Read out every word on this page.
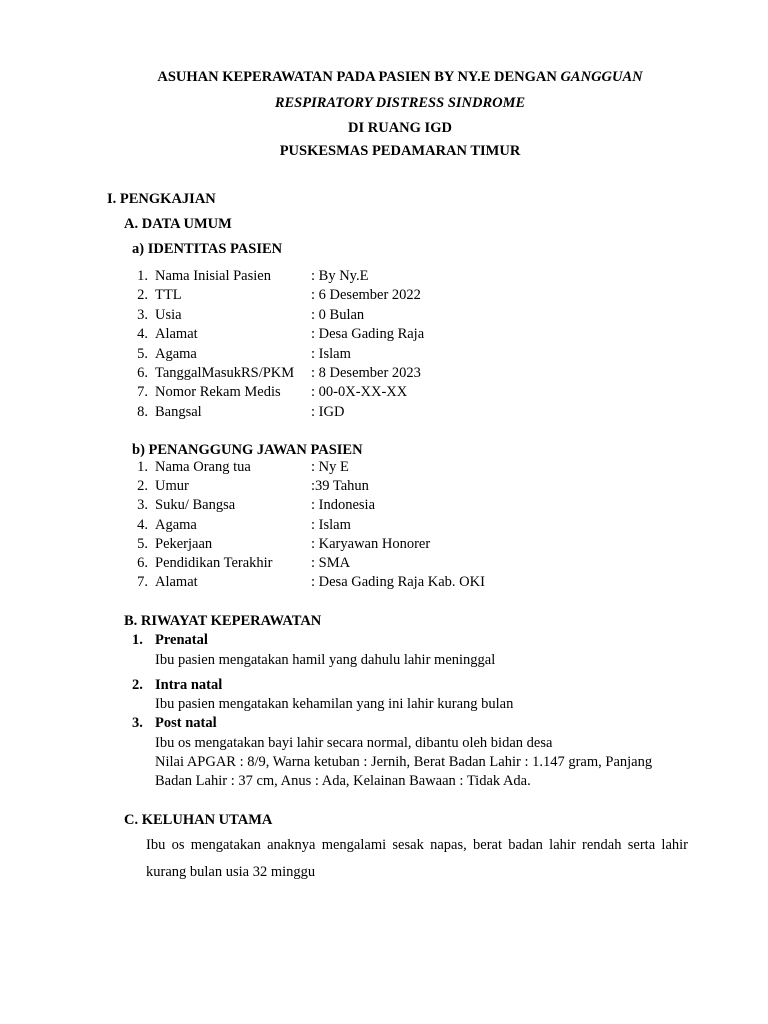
ASUHAN KEPERAWATAN PADA PASIEN BY NY.E DENGAN GANGGUAN
RESPIRATORY DISTRESS SINDROME
DI RUANG IGD
PUSKESMAS PEDAMARAN TIMUR
I. PENGKAJIAN
A. DATA UMUM
a) IDENTITAS PASIEN
1. Nama Inisial Pasien	: By Ny.E
2. TTL	: 6 Desember 2022
3. Usia	: 0 Bulan
4. Alamat	: Desa Gading Raja
5. Agama	: Islam
6. TanggalMasukRS/PKM : 8 Desember 2023
7. Nomor Rekam Medis : 00-0X-XX-XX
8. Bangsal	: IGD
b) PENANGGUNG JAWAN PASIEN
1. Nama Orang tua	: Ny E
2. Umur	:39 Tahun
3. Suku/ Bangsa	: Indonesia
4. Agama	: Islam
5. Pekerjaan	: Karyawan Honorer
6. Pendidikan Terakhir	: SMA
7. Alamat	: Desa Gading Raja Kab. OKI
B. RIWAYAT KEPERAWATAN
1. Prenatal
Ibu pasien mengatakan hamil yang dahulu lahir meninggal
2. Intra natal
Ibu pasien mengatakan kehamilan yang ini lahir kurang bulan
3. Post natal
Ibu os mengatakan bayi lahir secara normal, dibantu oleh bidan desa
Nilai APGAR : 8/9, Warna ketuban : Jernih, Berat Badan Lahir : 1.147 gram, Panjang
Badan Lahir : 37 cm, Anus : Ada, Kelainan Bawaan : Tidak Ada.
C. KELUHAN UTAMA
Ibu os mengatakan anaknya mengalami sesak napas, berat badan lahir rendah serta lahir kurang bulan usia 32 minggu
